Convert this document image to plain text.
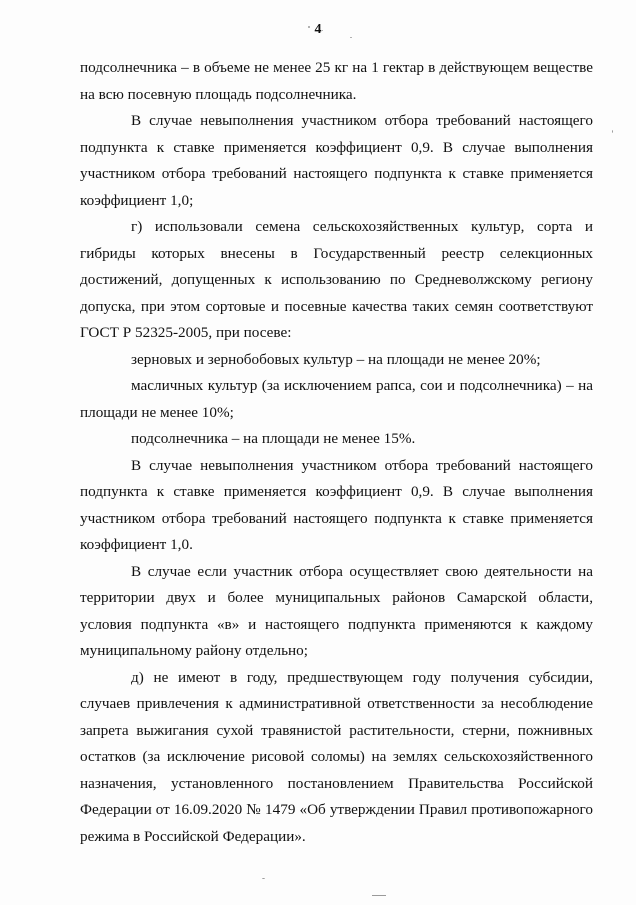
4

подсолнечника – в объеме не менее 25 кг на 1 гектар в действующем веществе на всю посевную площадь подсолнечника.

В случае невыполнения участником отбора требований настоящего подпункта к ставке применяется коэффициент 0,9. В случае выполнения участником отбора требований настоящего подпункта к ставке применяется коэффициент 1,0;

г) использовали семена сельскохозяйственных культур, сорта и гибриды которых внесены в Государственный реестр селекционных достижений, допущенных к использованию по Средневолжскому региону допуска, при этом сортовые и посевные качества таких семян соответствуют ГОСТ Р 52325-2005, при посеве:

зерновых и зернобобовых культур – на площади не менее 20%;

масличных культур (за исключением рапса, сои и подсолнечника) – на площади не менее 10%;

подсолнечника – на площади не менее 15%.

В случае невыполнения участником отбора требований настоящего подпункта к ставке применяется коэффициент 0,9. В случае выполнения участником отбора требований настоящего подпункта к ставке применяется коэффициент 1,0.

В случае если участник отбора осуществляет свою деятельности на территории двух и более муниципальных районов Самарской области, условия подпункта «в» и настоящего подпункта применяются к каждому муниципальному району отдельно;

д) не имеют в году, предшествующем году получения субсидии, случаев привлечения к административной ответственности за несоблюдение запрета выжигания сухой травянистой растительности, стерни, пожнивных остатков (за исключение рисовой соломы) на землях сельскохозяйственного назначения, установленного постановлением Правительства Российской Федерации от 16.09.2020 № 1479 «Об утверждении Правил противопожарного режима в Российской Федерации».
